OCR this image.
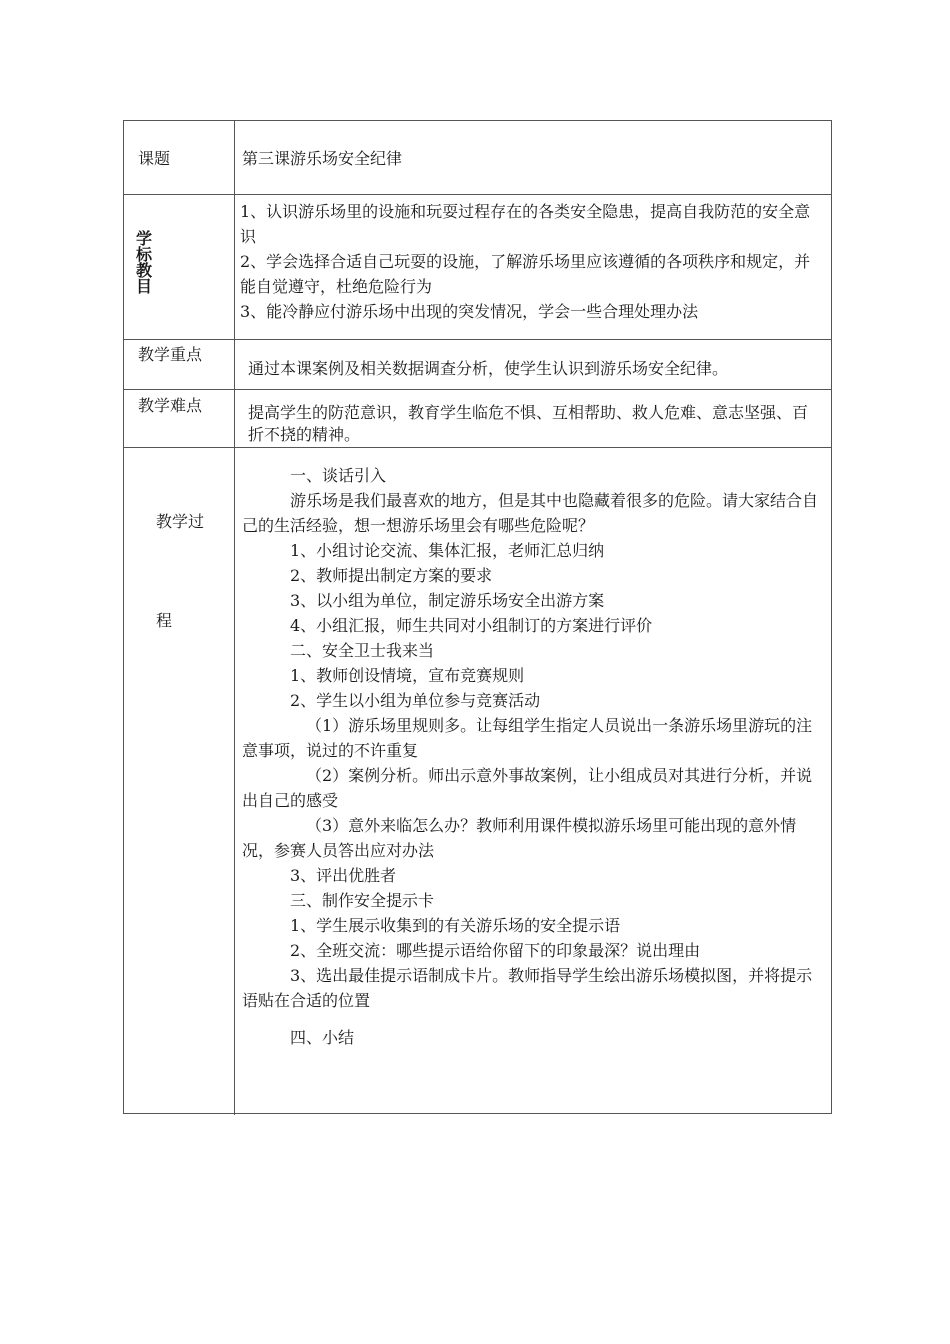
课题	第三课游乐场安全纪律
学
标
教
目

1、认识游乐场里的设施和玩耍过程存在的各类安全隐患，提高自我防范的安全意识

2、学会选择合适自己玩耍的设施，了解游乐场里应该遵循的各项秩序和规定，并能自觉遵守，杜绝危险行为

3、能冷静应付游乐场中出现的突发情况，学会一些合理处理办法

教学重点
通过本课案例及相关数据调查分析，使学生认识到游乐场安全纪律。
教学难点	提高学生的防范意识，教育学生临危不惧、互相帮助、救人危难、意志坚强、百折不挠的精神。

教学过
程

一、谈话引入

游乐场是我们最喜欢的地方，但是其中也隐藏着很多的危险。请大家结合自己的生活经验，想一想游乐场里会有哪些危险呢？

1、小组讨论交流、集体汇报，老师汇总归纳

2、教师提出制定方案的要求

3、以小组为单位，制定游乐场安全出游方案

4、小组汇报，师生共同对小组制订的方案进行评价

二、安全卫士我来当

1、教师创设情境，宣布竞赛规则

2、学生以小组为单位参与竞赛活动

（1）游乐场里规则多。让每组学生指定人员说出一条游乐场里游玩的注意事项，说过的不许重复

（2）案例分析。师出示意外事故案例，让小组成员对其进行分析，并说出自己的感受

（3）意外来临怎么办？教师利用课件模拟游乐场里可能出现的意外情况，参赛人员答出应对办法

3、评出优胜者

三、制作安全提示卡

1、学生展示收集到的有关游乐场的安全提示语

2、全班交流：哪些提示语给你留下的印象最深？说出理由

3、选出最佳提示语制成卡片。教师指导学生绘出游乐场模拟图，并将提示语贴在合适的位置

四、小结
